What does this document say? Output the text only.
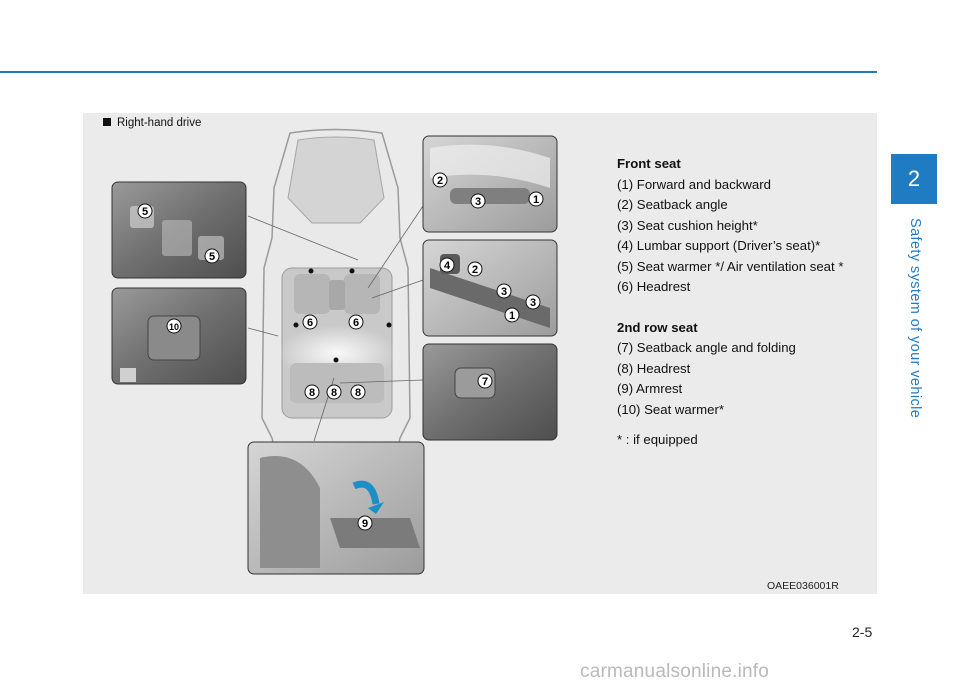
2
Safety system of your vehicle
Right-hand drive
5
5
10	6	6
8 8 8
2
3	1
4 2
3
3
1
7
9
OAEE036001R
Front seat
(1) Forward and backward
(2) Seatback angle
(3) Seat cushion height*
(4) Lumbar support (Driver’s seat)*
(5) Seat warmer */ Air ventilation seat *
(6) Headrest
2nd row seat
(7) Seatback angle and folding
(8) Headrest
(9) Armrest
(10) Seat warmer*
* : if equipped
2-5
carmanualsonline.info
